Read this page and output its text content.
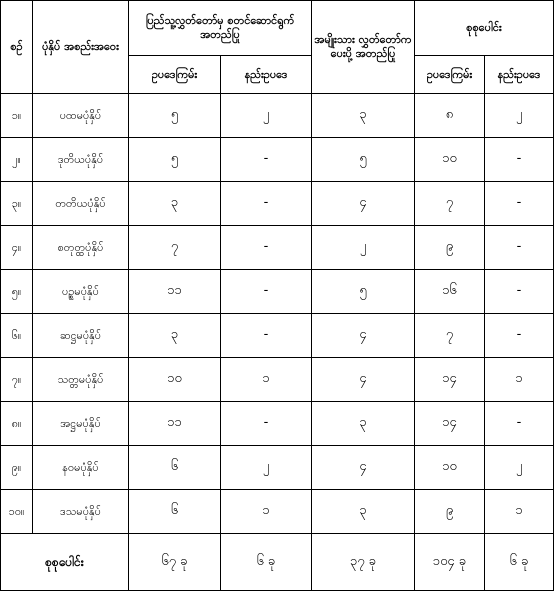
စဉ်	ပုံနှိပ် အစည်းအဝေး	ပြည်သူ့လွှတ်တော်မှ စတင်ဆောင်ရွက်အတည်ပြု		အမျိုးသား လွှတ်တော်က ပေးပို့ အတည်ပြု	စုစုပေါင်း	
		ဥပဒေကြမ်း	နည်းဥပဒေ		ဥပဒေကြမ်း	နည်းဥပဒေ
၁။	ပထမပုံနှိပ်	၅	၂	၃	၈	၂
၂။	ဒုတိယပုံနှိပ်	၅	-	၅	၁၀	-
၃။	တတိယပုံနှိပ်	၃	-	၄	၇	-
၄။	စတုတ္ထပုံနှိပ်	၇	-	၂	၉	-
၅။	ပဥ္စမပုံနှိပ်	၁၁	-	၅	၁၆	-
၆။	ဆဋ္ဌမပုံနှိပ်	၃	-	၄	၇	-
၇။	သတ္တမပုံနှိပ်	၁၀	၁	၄	၁၄	၁
၈။	အဋ္ဌမပုံနှိပ်	၁၁	-	၃	၁၄	-
၉။	နဝမပုံနှိပ်	၆	၂	၄	၁၀	၂
၁၀။	ဒသမပုံနှိပ်	၆	၁	၃	၉	၁
စုစုပေါင်း		၆၇ ခု	၆ ခု	၃၇ ခု	၁၀၄ ခု	၆ ခု
